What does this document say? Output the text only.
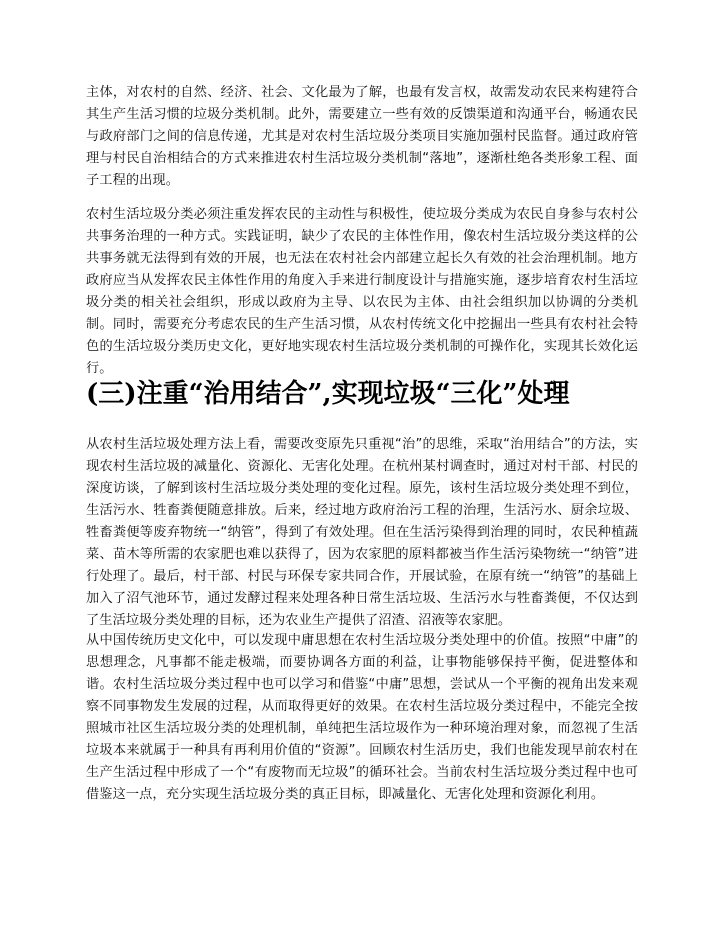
主体，对农村的自然、经济、社会、文化最为了解，也最有发言权，故需发动农民来构建符合其生产生活习惯的垃圾分类机制。此外，需要建立一些有效的反馈渠道和沟通平台，畅通农民与政府部门之间的信息传递，尤其是对农村生活垃圾分类项目实施加强村民监督。通过政府管理与村民自治相结合的方式来推进农村生活垃圾分类机制“落地”，逐渐杜绝各类形象工程、面子工程的出现。

农村生活垃圾分类必须注重发挥农民的主动性与积极性，使垃圾分类成为农民自身参与农村公共事务治理的一种方式。实践证明，缺少了农民的主体性作用，像农村生活垃圾分类这样的公共事务就无法得到有效的开展，也无法在农村社会内部建立起长久有效的社会治理机制。地方政府应当从发挥农民主体性作用的角度入手来进行制度设计与措施实施，逐步培育农村生活垃圾分类的相关社会组织，形成以政府为主导、以农民为主体、由社会组织加以协调的分类机制。同时，需要充分考虑农民的生产生活习惯，从农村传统文化中挖掘出一些具有农村社会特色的生活垃圾分类历史文化，更好地实现农村生活垃圾分类机制的可操作化，实现其长效化运行。

(三)注重“治用结合”,实现垃圾“三化”处理

从农村生活垃圾处理方法上看，需要改变原先只重视“治”的思维，采取“治用结合”的方法，实现农村生活垃圾的减量化、资源化、无害化处理。在杭州某村调查时，通过对村干部、村民的深度访谈，了解到该村生活垃圾分类处理的变化过程。原先，该村生活垃圾分类处理不到位，生活污水、牲畜粪便随意排放。后来，经过地方政府治污工程的治理，生活污水、厨余垃圾、牲畜粪便等废弃物统一“纳管”，得到了有效处理。但在生活污染得到治理的同时，农民种植蔬菜、苗木等所需的农家肥也难以获得了，因为农家肥的原料都被当作生活污染物统一“纳管”进行处理了。最后，村干部、村民与环保专家共同合作，开展试验，在原有统一“纳管”的基础上加入了沼气池环节，通过发酵过程来处理各种日常生活垃圾、生活污水与牲畜粪便，不仅达到了生活垃圾分类处理的目标，还为农业生产提供了沼渣、沼液等农家肥。

从中国传统历史文化中，可以发现中庸思想在农村生活垃圾分类处理中的价值。按照“中庸”的思想理念，凡事都不能走极端，而要协调各方面的利益，让事物能够保持平衡，促进整体和谐。农村生活垃圾分类过程中也可以学习和借鉴“中庸”思想，尝试从一个平衡的视角出发来观察不同事物发生发展的过程，从而取得更好的效果。在农村生活垃圾分类过程中，不能完全按照城市社区生活垃圾分类的处理机制，单纯把生活垃圾作为一种环境治理对象，而忽视了生活垃圾本来就属于一种具有再利用价值的“资源”。回顾农村生活历史，我们也能发现早前农村在生产生活过程中形成了一个“有废物而无垃圾”的循环社会。当前农村生活垃圾分类过程中也可借鉴这一点，充分实现生活垃圾分类的真正目标，即减量化、无害化处理和资源化利用。
